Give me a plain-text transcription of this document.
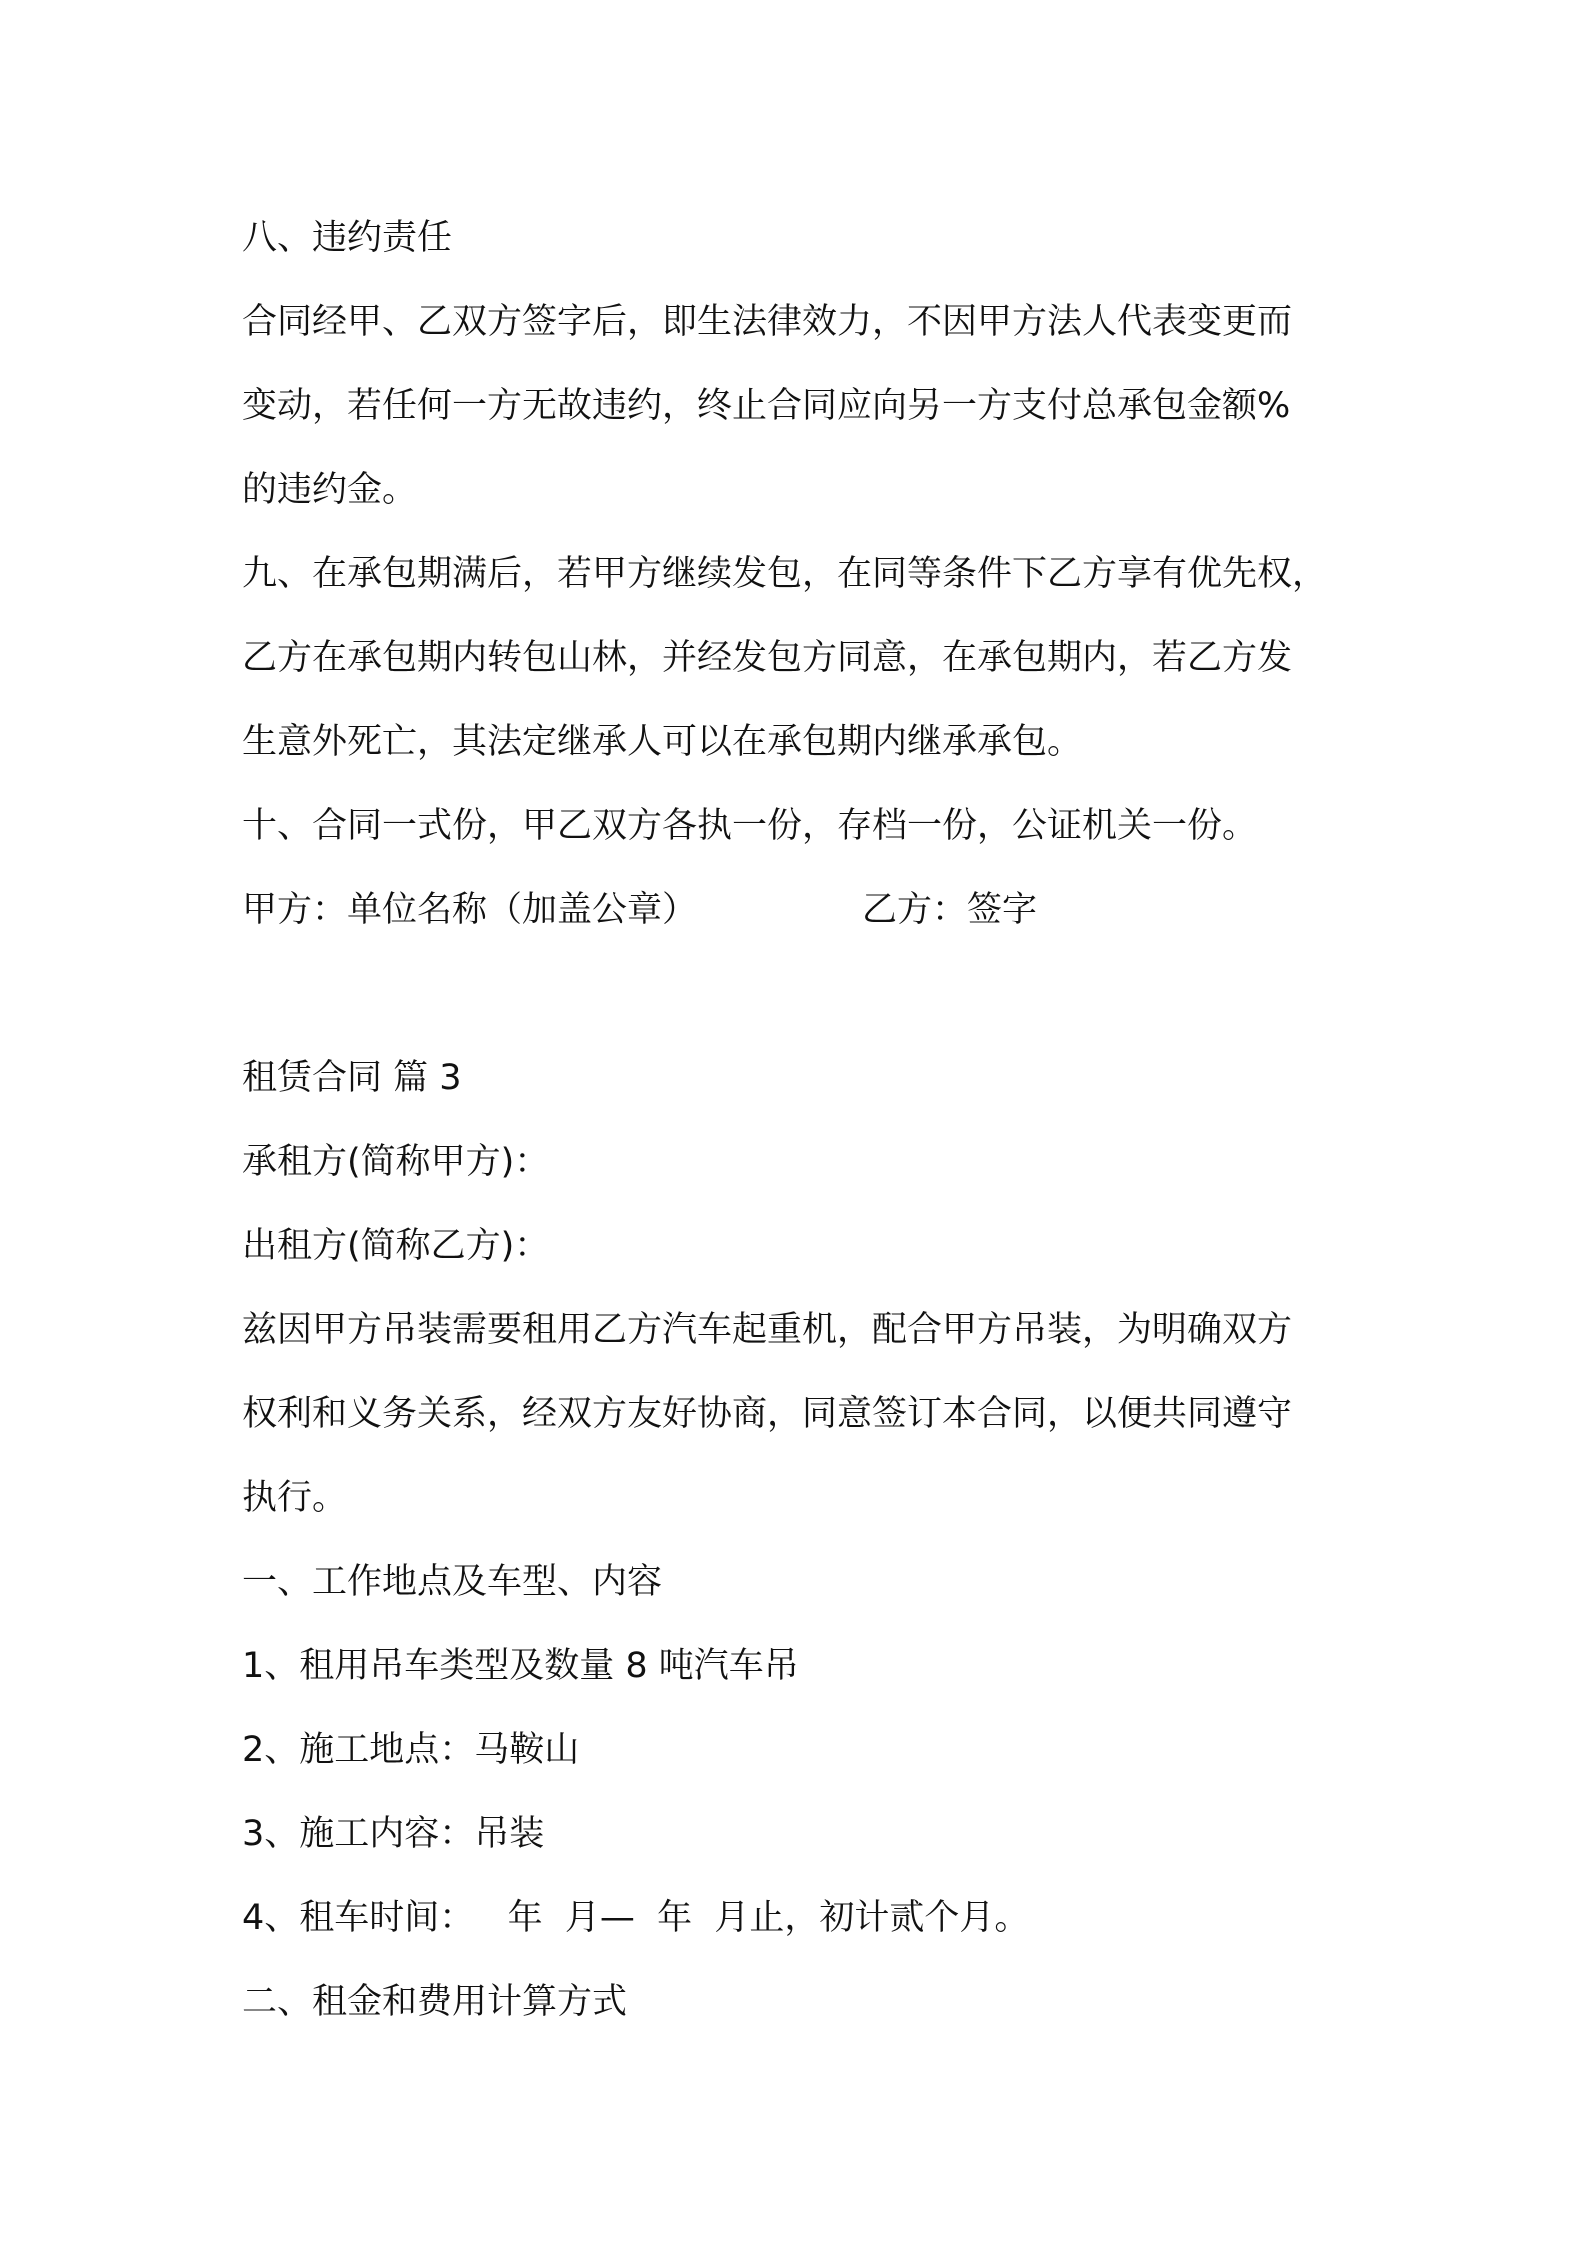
八、违约责任
合同经甲、乙双方签字后，即生法律效力，不因甲方法人代表变更而
变动，若任何一方无故违约，终止合同应向另一方支付总承包金额%
的违约金。
九、在承包期满后，若甲方继续发包，在同等条件下乙方享有优先权，
乙方在承包期内转包山林，并经发包方同意，在承包期内，若乙方发
生意外死亡，其法定继承人可以在承包期内继承承包。
十、合同一式份，甲乙双方各执一份，存档一份，公证机关一份。
甲方：单位名称（加盖公章）	乙方：签字
租赁合同 篇 3
承租方(简称甲方)：
出租方(简称乙方)：
兹因甲方吊装需要租用乙方汽车起重机，配合甲方吊装，为明确双方
权利和义务关系，经双方友好协商，同意签订本合同，以便共同遵守
执行。
一、工作地点及车型、内容
1、租用吊车类型及数量 8 吨汽车吊
2、施工地点：马鞍山
3、施工内容：吊装
4、租车时间：   年  月—  年  月止，初计贰个月。
二、租金和费用计算方式
